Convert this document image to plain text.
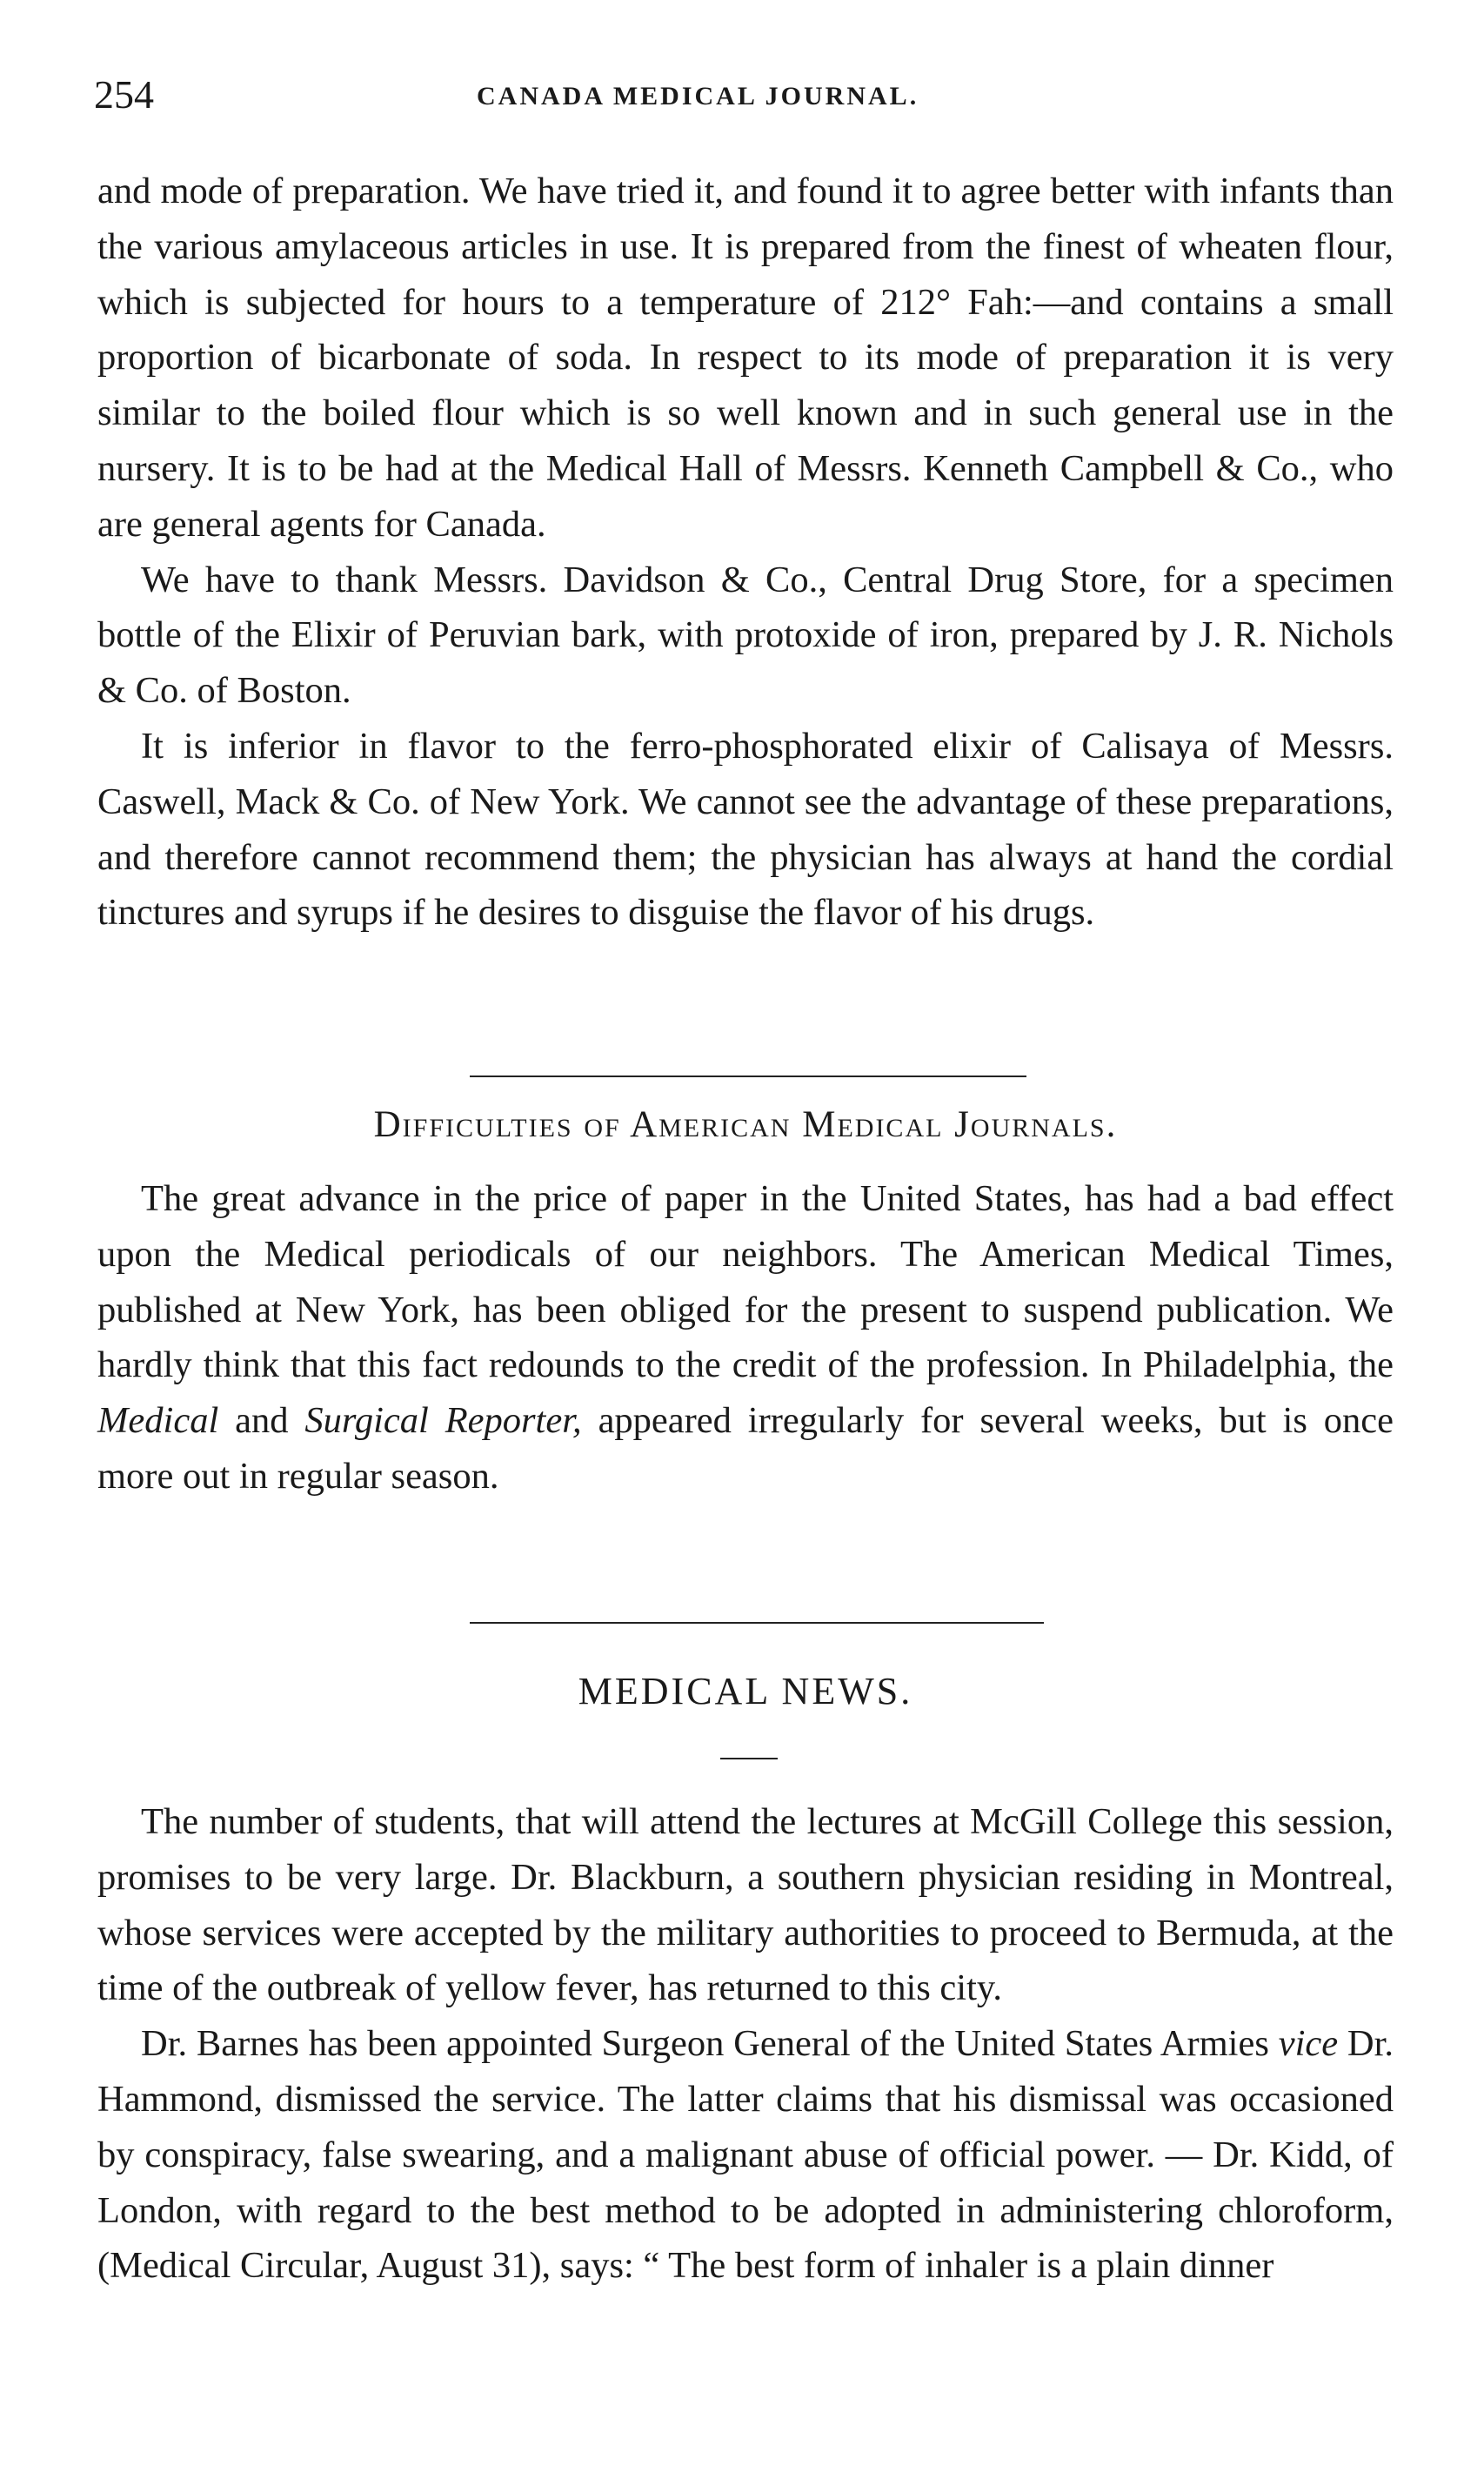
254	CANADA MEDICAL JOURNAL.

and mode of preparation. We have tried it, and found it to agree better with infants than the various amylaceous articles in use. It is prepared from the finest of wheaten flour, which is subjected for hours to a temperature of 212° Fah:—and contains a small proportion of bicarbonate of soda. In respect to its mode of preparation it is very similar to the boiled flour which is so well known and in such general use in the nursery. It is to be had at the Medical Hall of Messrs. Kenneth Campbell & Co., who are general agents for Canada.

We have to thank Messrs. Davidson & Co., Central Drug Store, for a specimen bottle of the Elixir of Peruvian bark, with protoxide of iron, prepared by J. R. Nichols & Co. of Boston.

It is inferior in flavor to the ferro-phosphorated elixir of Calisaya of Messrs. Caswell, Mack & Co. of New York. We cannot see the advantage of these preparations, and therefore cannot recommend them; the physician has always at hand the cordial tinctures and syrups if he desires to disguise the flavor of his drugs.

Difficulties of American Medical Journals.

The great advance in the price of paper in the United States, has had a bad effect upon the Medical periodicals of our neighbors. The American Medical Times, published at New York, has been obliged for the present to suspend publication. We hardly think that this fact redounds to the credit of the profession. In Philadelphia, the Medical and Surgical Reporter, appeared irregularly for several weeks, but is once more out in regular season.

MEDICAL NEWS.

The number of students, that will attend the lectures at McGill College this session, promises to be very large. Dr. Blackburn, a southern physician residing in Montreal, whose services were accepted by the military authorities to proceed to Bermuda, at the time of the outbreak of yellow fever, has returned to this city.

Dr. Barnes has been appointed Surgeon General of the United States Armies vice Dr. Hammond, dismissed the service. The latter claims that his dismissal was occasioned by conspiracy, false swearing, and a malignant abuse of official power. — Dr. Kidd, of London, with regard to the best method to be adopted in administering chloroform, (Medical Circular, August 31), says: “ The best form of inhaler is a plain dinner
